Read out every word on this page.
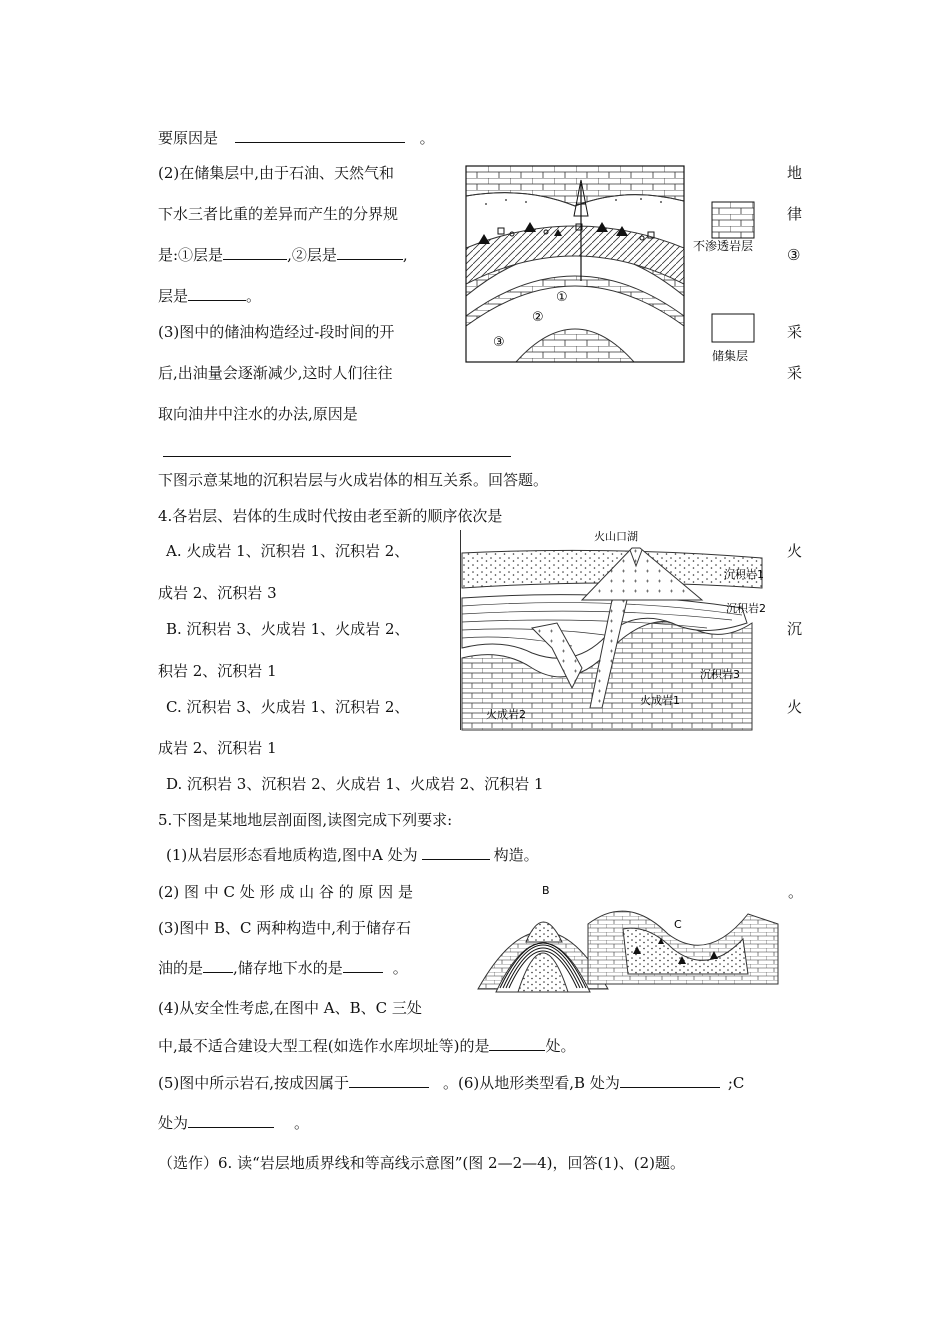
要原因是	。
(2)在储集层中,由于石油、天然气和	地
下水三者比重的差异而产生的分界规	律
是:①层是	,②层是	,	③
层是	。
(3)图中的储油构造经过-段时间的开	采
后,出油量会逐渐减少,这时人们往往	采
取向油井中注水的办法,原因是
①
②
③
不渗透岩层
储集层
下图示意某地的沉积岩层与火成岩体的相互关系。回答题。
4.各岩层、岩体的生成时代按由老至新的顺序依次是
A. 火成岩 1、沉积岩 1、沉积岩 2、	火
成岩 2、沉积岩 3
B. 沉积岩 3、火成岩 1、火成岩 2、	沉
积岩 2、沉积岩 1
C. 沉积岩 3、火成岩 1、沉积岩 2、	火
成岩 2、沉积岩 1
D. 沉积岩 3、沉积岩 2、火成岩 1、火成岩 2、沉积岩 1
火山口湖
沉积岩1
沉积岩2
沉积岩3
火成岩1
火成岩2
5.下图是某地地层剖面图,读图完成下列要求:
(1)从岩层形态看地质构造,图中A 处为	构造。
(2) 图 中 C 处 形 成 山 谷 的 原 因 是	。
(3)图中 B、C 两种构造中,利于储存石
油的是 ,储存地下水的是	。
(4)从安全性考虑,在图中 A、B、C 三处
B
C
中,最不适合建设大型工程(如选作水库坝址等)的是	处。
(5)图中所示岩石,按成因属于	。(6)从地形类型看,B 处为	;C
处为	。
（选作）6. 读“岩层地质界线和等高线示意图”(图 2—2—4)，回答(1)、(2)题。
